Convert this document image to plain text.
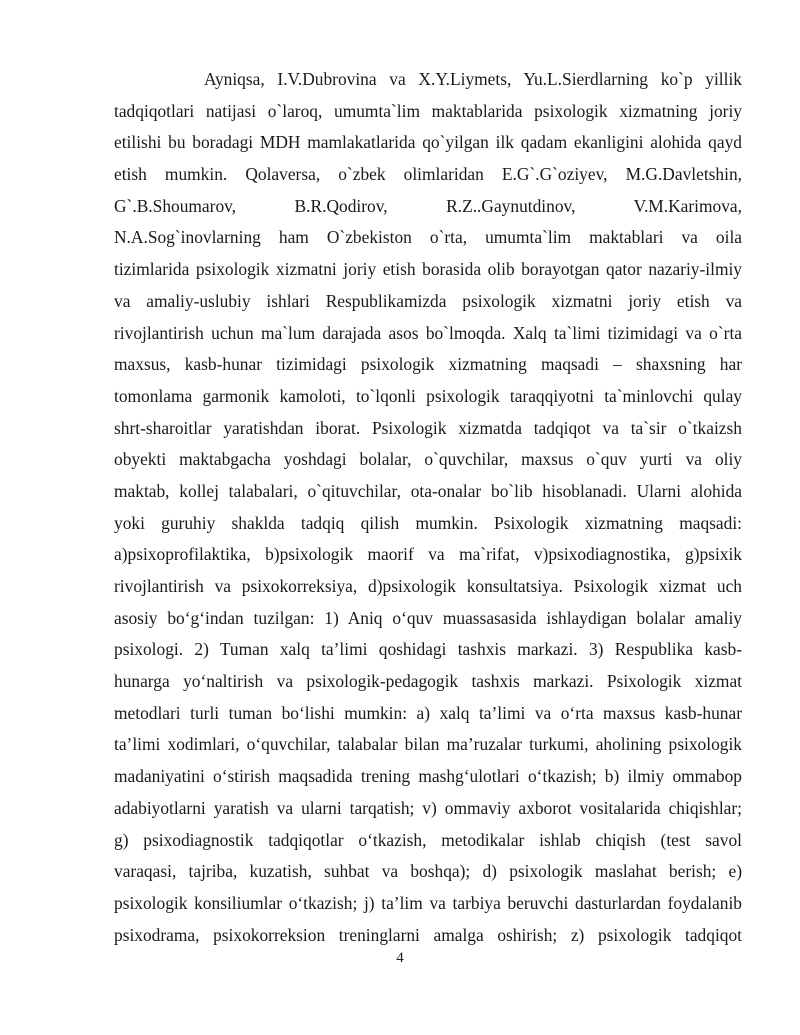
Ayniqsa, I.V.Dubrovina va X.Y.Liymets, Yu.L.Sierdlarning ko`p yillik
tadqiqotlari natijasi o`laroq, umumta`lim maktablarida psixologik xizmatning joriy
etilishi bu boradagi MDH mamlakatlarida qo`yilgan ilk qadam ekanligini alohida qayd
etish mumkin. Qolaversa, o`zbek olimlaridan E.G`.G`oziyev, M.G.Davletshin,
G`.B.Shoumarov, B.R.Qodirov, R.Z..Gaynutdinov, V.M.Karimova,
N.A.Sog`inovlarning ham O`zbekiston o`rta, umumta`lim maktablari va oila
tizimlarida psixologik xizmatni joriy etish borasida olib borayotgan qator nazariy-ilmiy
va amaliy-uslubiy ishlari Respublikamizda psixologik xizmatni joriy etish va
rivojlantirish uchun ma`lum darajada asos bo`lmoqda. Xalq ta`limi tizimidagi va o`rta
maxsus, kasb-hunar tizimidagi psixologik xizmatning maqsadi – shaxsning har
tomonlama garmonik kamoloti, to`lqonli psixologik taraqqiyotni ta`minlovchi qulay
shrt-sharoitlar yaratishdan iborat. Psixologik xizmatda tadqiqot va ta`sir o`tkaizsh
obyekti maktabgacha yoshdagi bolalar, o`quvchilar, maxsus o`quv yurti va oliy
maktab, kollej talabalari, o`qituvchilar, ota-onalar bo`lib hisoblanadi. Ularni alohida
yoki guruhiy shaklda tadqiq qilish mumkin. Psixologik xizmatning maqsadi:
a)psixoprofilaktika, b)psixologik maorif va ma`rifat, v)psixodiagnostika, g)psixik
rivojlantirish va psixokorreksiya, d)psixologik konsultatsiya. Psixologik xizmat uch
asosiy bo‘g‘indan tuzilgan: 1) Aniq o‘quv muassasasida ishlaydigan bolalar amaliy
psixologi. 2) Tuman xalq ta’limi qoshidagi tashxis markazi. 3) Respublika kasb-
hunarga yo‘naltirish va psixologik-pedagogik tashxis markazi. Psixologik xizmat
metodlari turli tuman bo‘lishi mumkin: a) xalq ta’limi va o‘rta maxsus kasb-hunar
ta’limi xodimlari, o‘quvchilar, talabalar bilan ma’ruzalar turkumi, aholining psixologik
madaniyatini o‘stirish maqsadida trening mashg‘ulotlari o‘tkazish; b) ilmiy ommabop
adabiyotlarni yaratish va ularni tarqatish; v) ommaviy axborot vositalarida chiqishlar;
g) psixodiagnostik tadqiqotlar o‘tkazish, metodikalar ishlab chiqish (test savol
varaqasi, tajriba, kuzatish, suhbat va boshqa); d) psixologik maslahat berish; e)
psixologik konsiliumlar o‘tkazish; j) ta’lim va tarbiya beruvchi dasturlardan foydalanib
psixodrama, psixokorreksion treninglarni amalga oshirish; z) psixologik tadqiqot
4
